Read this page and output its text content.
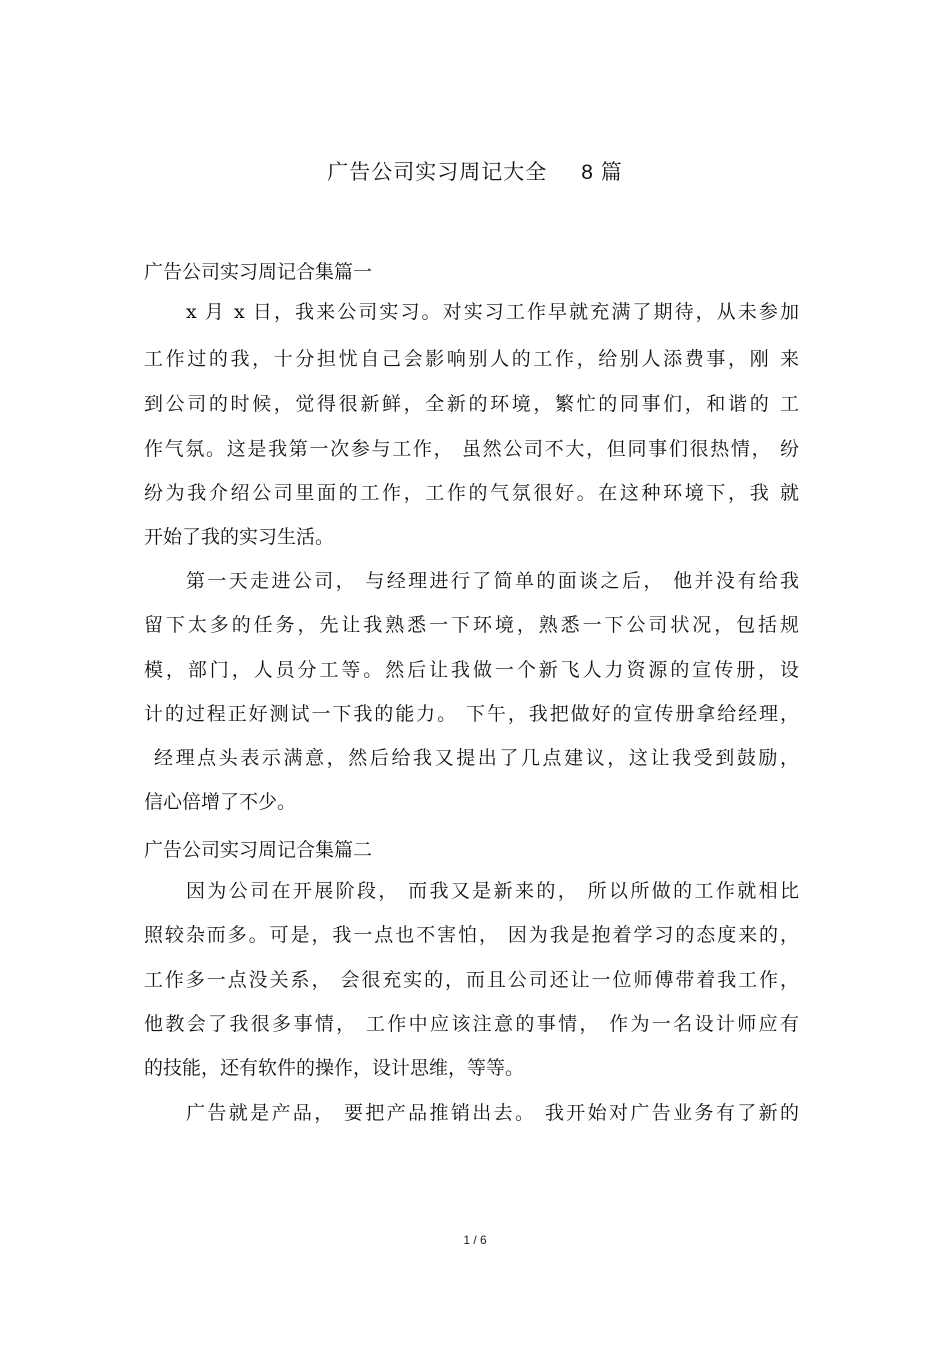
广告公司实习周记大全 8 篇
广告公司实习周记合集篇一
x 月 x 日，我来公司实习。对实习工作早就充满了期待，从未参加
工作过的我，十分担忧自己会影响别人的工作，给别人添费事，刚 来
到公司的时候，觉得很新鲜，全新的环境，繁忙的同事们，和谐的 工
作气氛。这是我第一次参与工作， 虽然公司不大，但同事们很热情， 纷
纷为我介绍公司里面的工作，工作的气氛很好。在这种环境下，我 就
开始了我的实习生活。
第一天走进公司， 与经理进行了简单的面谈之后， 他并没有给我
留下太多的任务，先让我熟悉一下环境，熟悉一下公司状况，包括规
模，部门，人员分工等。然后让我做一个新飞人力资源的宣传册，设
计的过程正好测试一下我的能力。 下午，我把做好的宣传册拿给经理，
经理点头表示满意，然后给我又提出了几点建议，这让我受到鼓励，
信心倍增了不少。
广告公司实习周记合集篇二
因为公司在开展阶段， 而我又是新来的， 所以所做的工作就相比
照较杂而多。可是，我一点也不害怕， 因为我是抱着学习的态度来的，
工作多一点没关系， 会很充实的，而且公司还让一位师傅带着我工作，
他教会了我很多事情， 工作中应该注意的事情， 作为一名设计师应有
的技能，还有软件的操作，设计思维，等等。
广告就是产品， 要把产品推销出去。 我开始对广告业务有了新的
1 / 6
